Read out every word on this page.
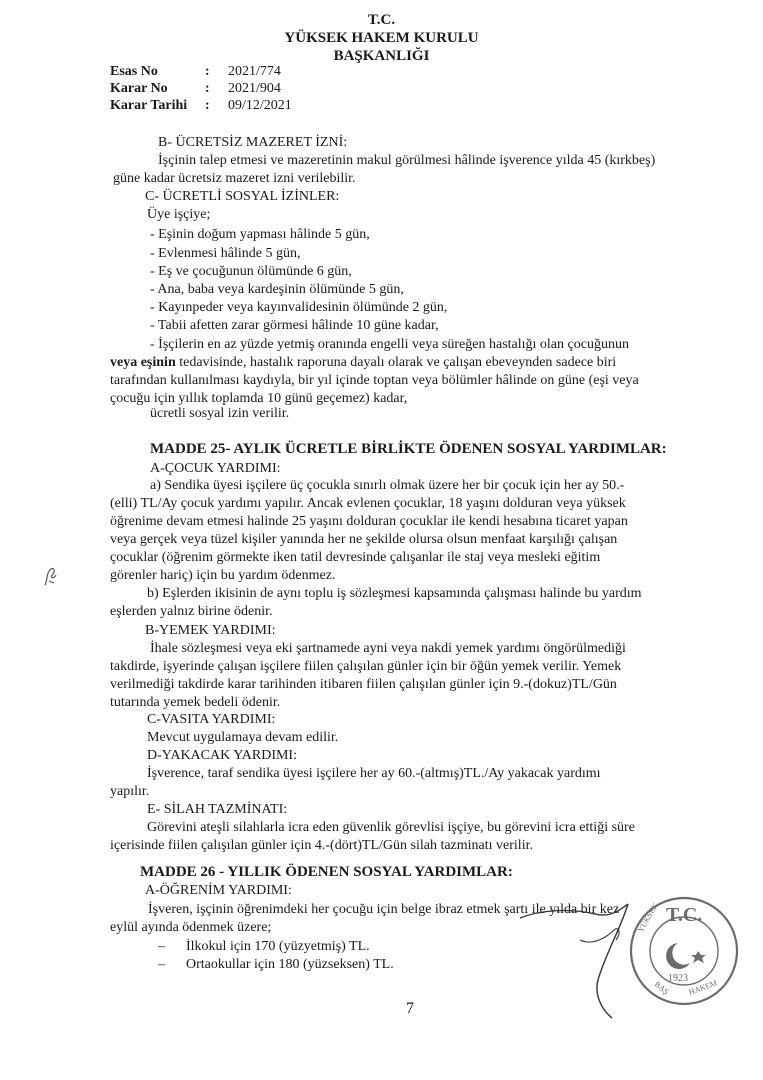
T.C.
YÜKSEK HAKEM KURULU
BAŞKANLIĞI
Esas No	: 2021/774
Karar No	: 2021/904
Karar Tarihi : 09/12/2021
B- ÜCRETSİZ MAZERET İZNİ:
İşçinin talep etmesi ve mazeretinin makul görülmesi hâlinde işverence yılda 45 (kırkbeş)
güne kadar ücretsiz mazeret izni verilebilir.
C- ÜCRETLİ SOSYAL İZİNLER:
Üye işçiye;
- Eşinin doğum yapması hâlinde 5 gün,
- Evlenmesi hâlinde 5 gün,
- Eş ve çocuğunun ölümünde 6 gün,
- Ana, baba veya kardeşinin ölümünde 5 gün,
- Kayınpeder veya kayınvalidesinin ölümünde 2 gün,
- Tabii afetten zarar görmesi hâlinde 10 güne kadar,
- İşçilerin en az yüzde yetmiş oranında engelli veya süreğen hastalığı olan çocuğunun
veya eşinin tedavisinde, hastalık raporuna dayalı olarak ve çalışan ebeveynden sadece biri
tarafından kullanılması kaydıyla, bir yıl içinde toptan veya bölümler hâlinde on güne (eşi veya
çocuğu için yıllık toplamda 10 günü geçemez) kadar,
ücretli sosyal izin verilir.
MADDE 25- AYLIK ÜCRETLE BİRLİKTE ÖDENEN SOSYAL YARDIMLAR:
A-ÇOCUK YARDIMI:
a) Sendika üyesi işçilere üç çocukla sınırlı olmak üzere her bir çocuk için her ay 50.-
(elli) TL/Ay çocuk yardımı yapılır. Ancak evlenen çocuklar, 18 yaşını dolduran veya yüksek
öğrenime devam etmesi halinde 25 yaşını dolduran çocuklar ile kendi hesabına ticaret yapan
veya gerçek veya tüzel kişiler yanında her ne şekilde olursa olsun menfaat karşılığı çalışan
çocuklar (öğrenim görmekte iken tatil devresinde çalışanlar ile staj veya mesleki eğitim
görenler hariç) için bu yardım ödenmez.
b) Eşlerden ikisinin de aynı toplu iş sözleşmesi kapsamında çalışması halinde bu yardım
eşlerden yalnız birine ödenir.
B-YEMEK YARDIMI:
İhale sözleşmesi veya eki şartnamede ayni veya nakdi yemek yardımı öngörülmediği
takdirde, işyerinde çalışan işçilere fiilen çalışılan günler için bir öğün yemek verilir. Yemek
verilmediği takdirde karar tarihinden itibaren fiilen çalışılan günler için 9.-(dokuz)TL/Gün
tutarında yemek bedeli ödenir.
C-VASITA YARDIMI:
Mevcut uygulamaya devam edilir.
D-YAKACAK YARDIMI:
İşverence, taraf sendika üyesi işçilere her ay 60.-(altmış)TL./Ay yakacak yardımı
yapılır.
E- SİLAH TAZMİNATI:
Görevini ateşli silahlarla icra eden güvenlik görevlisi işçiye, bu görevini icra ettiği süre
içerisinde fiilen çalışılan günler için 4.-(dört)TL/Gün silah tazminatı verilir.
MADDE 26 - YILLIK ÖDENEN SOSYAL YARDIMLAR:
A-ÖĞRENİM YARDIMI:
İşveren, işçinin öğrenimdeki her çocuğu için belge ibraz etmek şartı ile yılda bir kez
eylül ayında ödenmek üzere;
– İlkokul için 170 (yüzyetmiş) TL.
– Ortaokullar için 180 (yüzseksen) TL.
7
T.C.
1923
YÜKSEK
HAKEM
BAŞ
